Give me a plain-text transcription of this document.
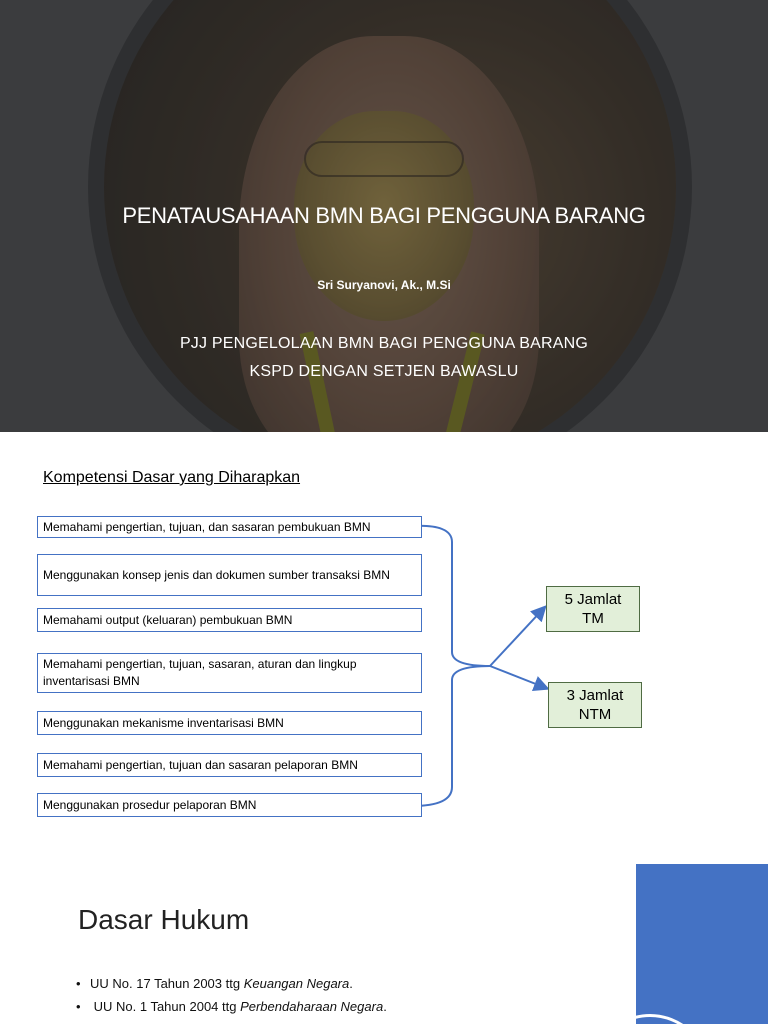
PENATAUSAHAAN BMN BAGI PENGGUNA BARANG
Sri Suryanovi, Ak., M.Si
PJJ PENGELOLAAN BMN BAGI PENGGUNA BARANG
KSPD DENGAN SETJEN BAWASLU
Kompetensi Dasar yang Diharapkan
Memahami pengertian, tujuan, dan sasaran pembukuan BMN
Menggunakan konsep jenis dan dokumen sumber transaksi BMN
Memahami output (keluaran) pembukuan BMN
Memahami pengertian, tujuan, sasaran, aturan dan lingkup inventarisasi BMN
Menggunakan mekanisme inventarisasi BMN
Memahami pengertian, tujuan dan sasaran pelaporan BMN
Menggunakan prosedur pelaporan BMN
5 Jamlat
TM
3 Jamlat
NTM
Dasar Hukum
• UU No. 17 Tahun 2003 ttg Keuangan Negara.
• UU No. 1 Tahun 2004 ttg Perbendaharaan Negara.
